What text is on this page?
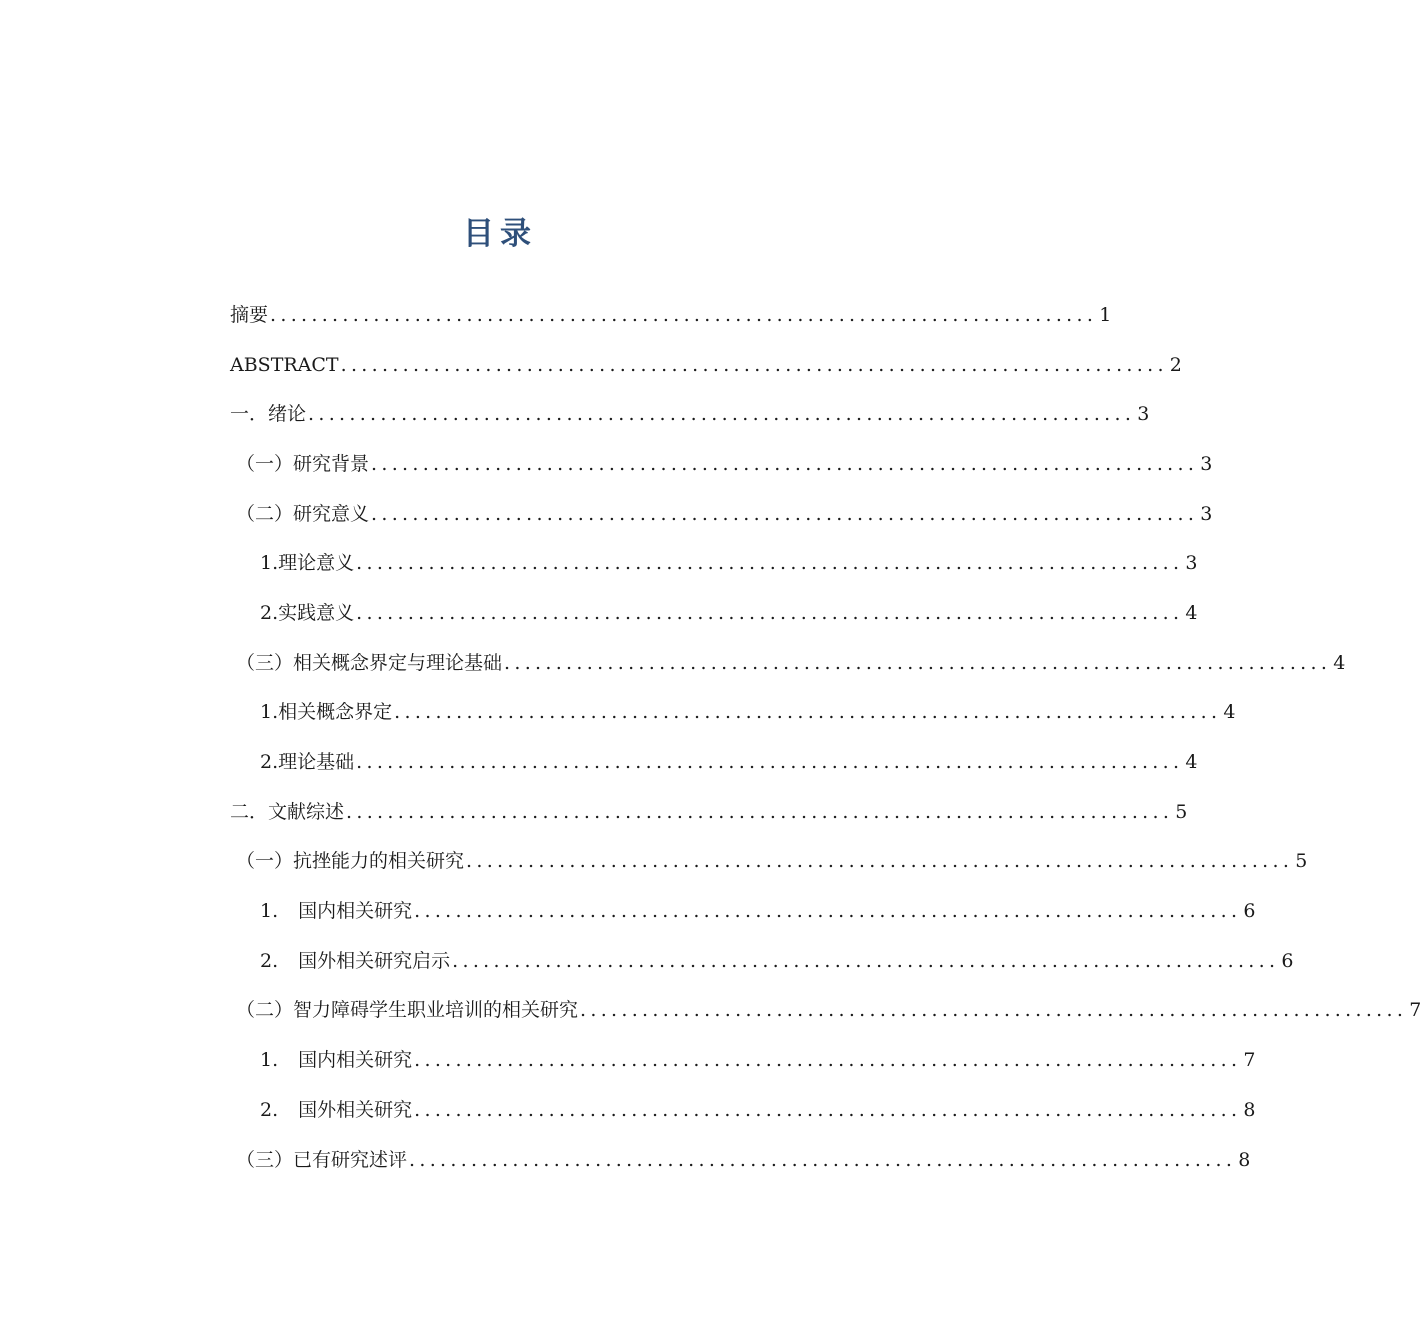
目录
摘要 ................................................................................ 1
ABSTRACT ................................................................................ 2
一．绪论 ................................................................................ 3
（一）研究背景 ................................................................................ 3
（二）研究意义 ................................................................................ 3
1.理论意义 ................................................................................ 3
2.实践意义 ................................................................................ 4
（三）相关概念界定与理论基础 ................................................................................ 4
1.相关概念界定 ................................................................................ 4
2.理论基础 ................................................................................ 4
二．文献综述 ................................................................................ 5
（一）抗挫能力的相关研究 ................................................................................ 5
1. 国内相关研究 ................................................................................ 6
2. 国外相关研究启示 ................................................................................ 6
（二）智力障碍学生职业培训的相关研究 ................................................................................ 7
1. 国内相关研究 ................................................................................ 7
2. 国外相关研究 ................................................................................ 8
（三）已有研究述评 ................................................................................ 8
